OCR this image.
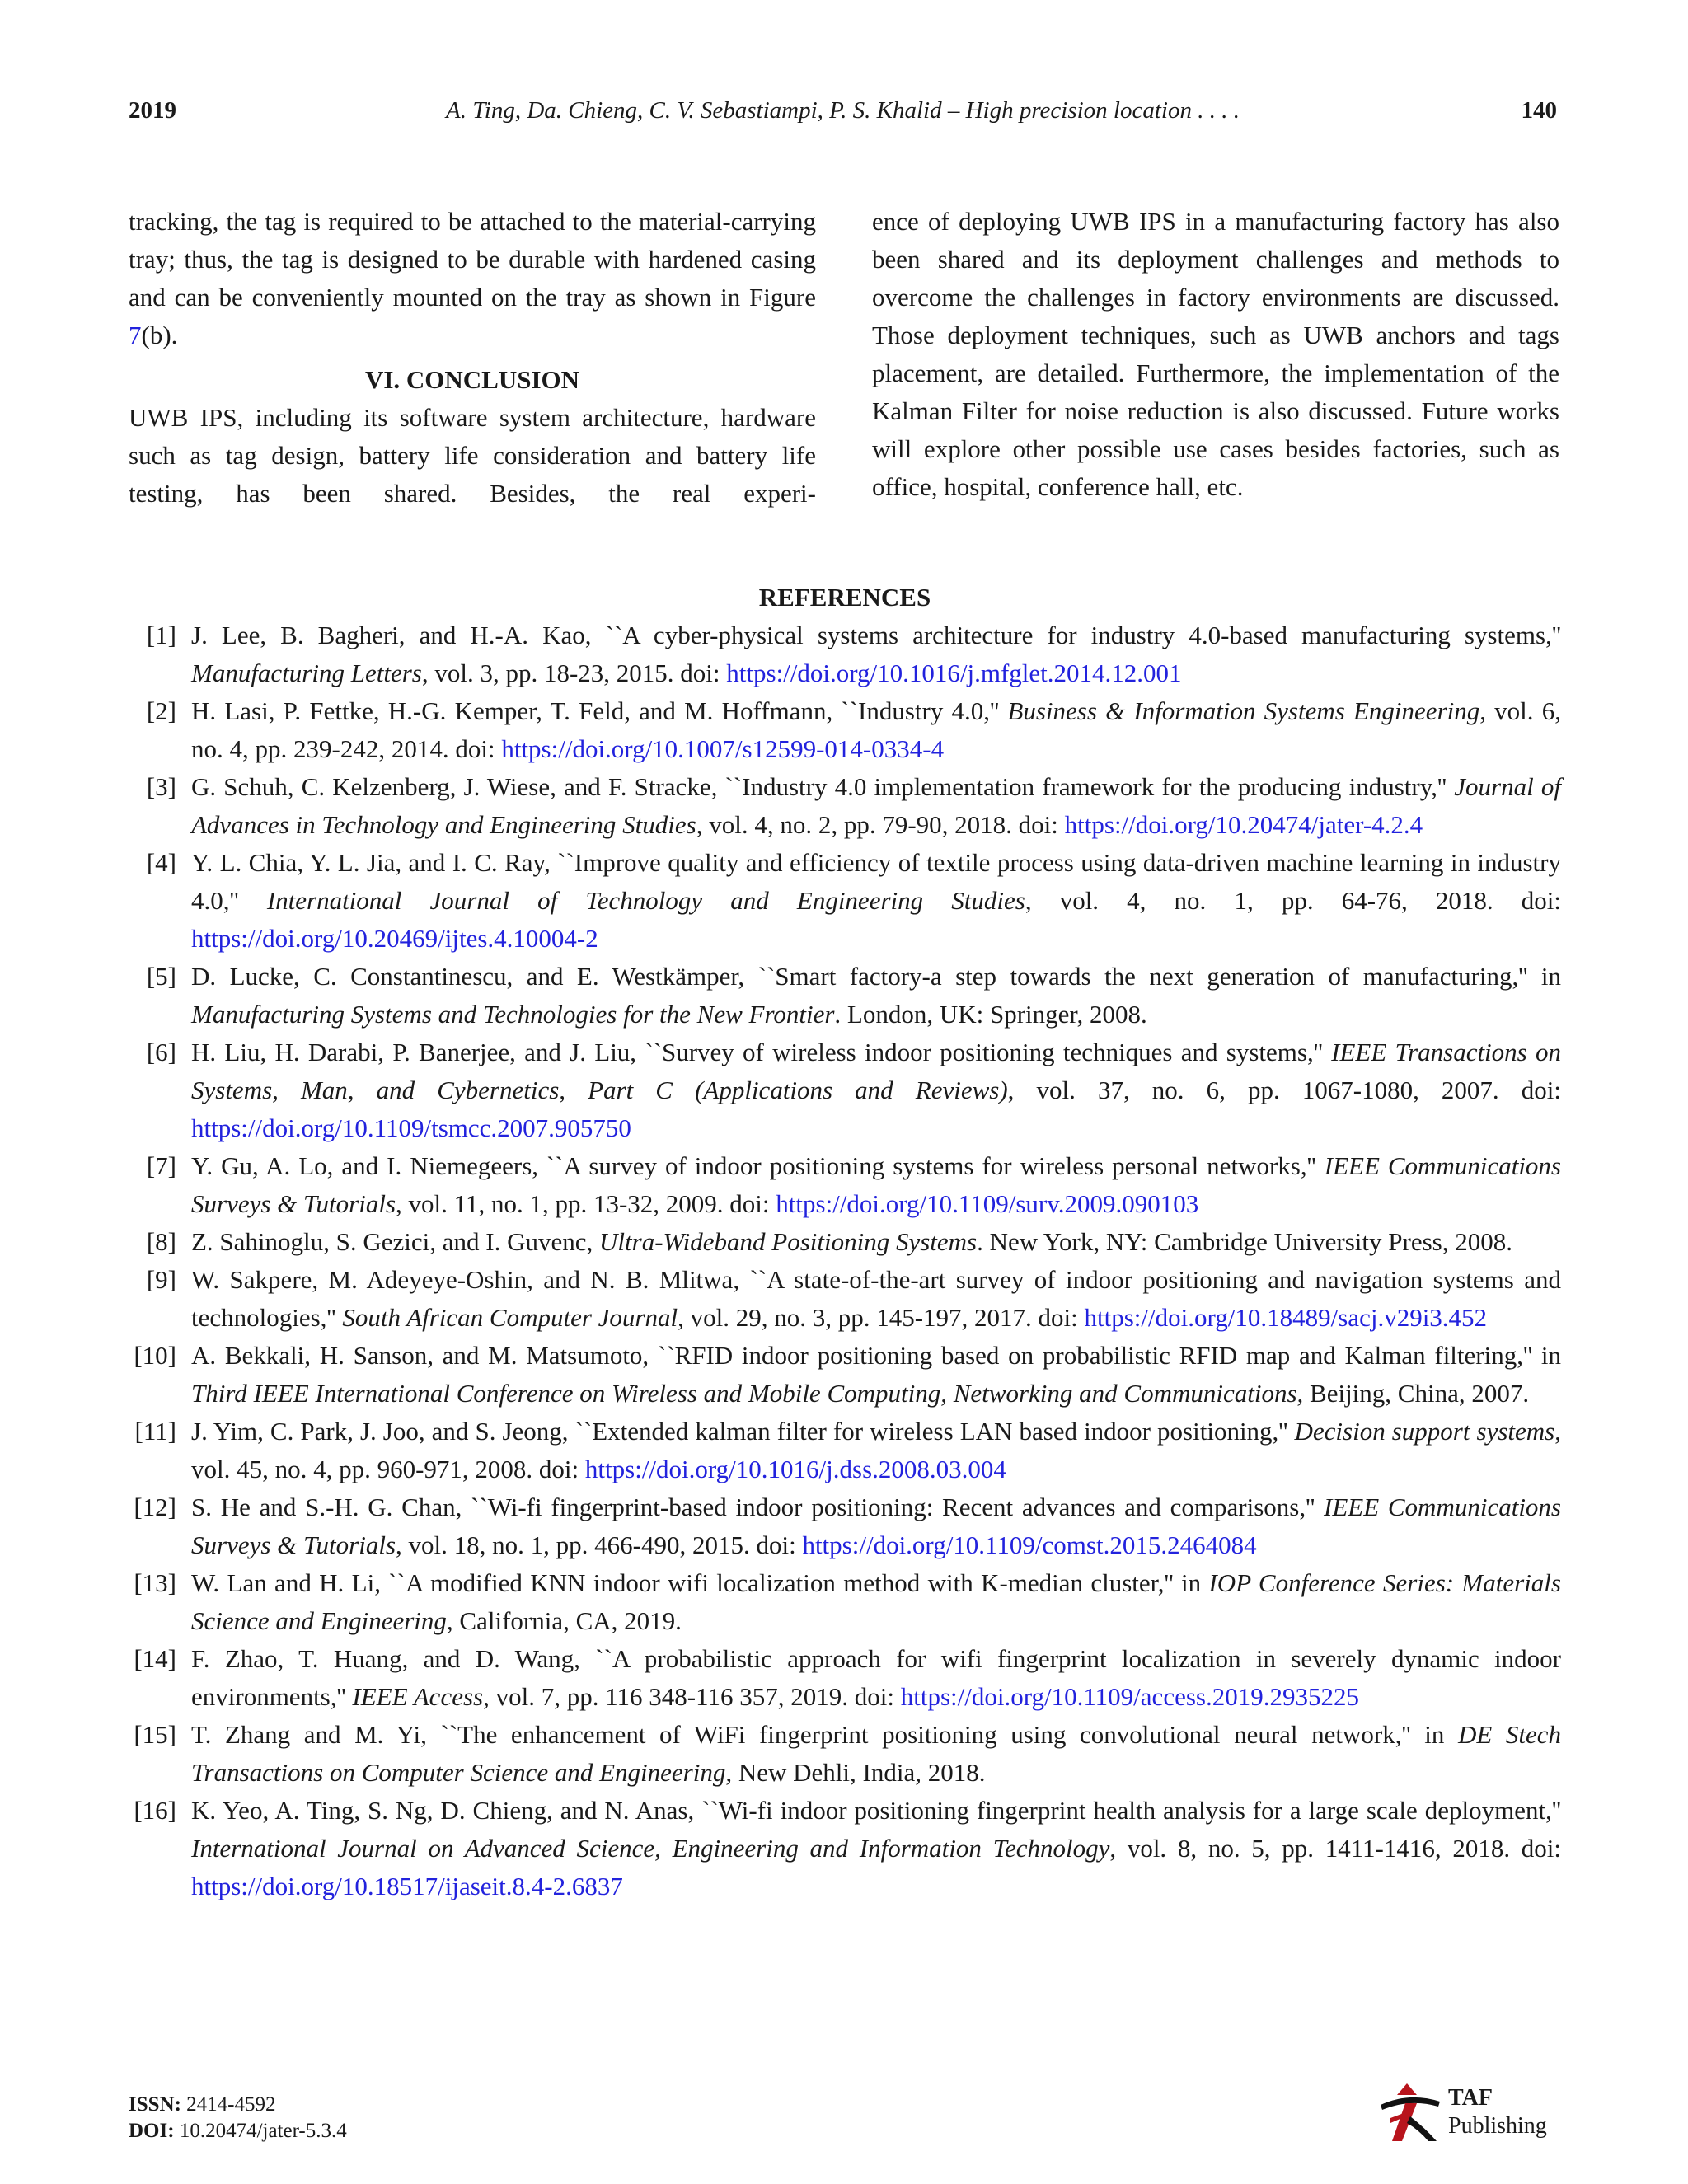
2019	A. Ting, Da. Chieng, C. V. Sebastiampi, P. S. Khalid – High precision location . . . .	140

tracking, the tag is required to be attached to the material-carrying tray; thus, the tag is designed to be durable with hardened casing and can be conveniently mounted on the tray as shown in Figure 7(b).

VI. CONCLUSION

UWB IPS, including its software system architecture, hardware such as tag design, battery life consideration and battery life testing, has been shared. Besides, the real experi-

ence of deploying UWB IPS in a manufacturing factory has also been shared and its deployment challenges and methods to overcome the challenges in factory environments are discussed. Those deployment techniques, such as UWB anchors and tags placement, are detailed. Furthermore, the implementation of the Kalman Filter for noise reduction is also discussed. Future works will explore other possible use cases besides factories, such as office, hospital, conference hall, etc.

REFERENCES
[1] J. Lee, B. Bagheri, and H.-A. Kao, ``A cyber-physical systems architecture for industry 4.0-based manufacturing systems,'' Manufacturing Letters, vol. 3, pp. 18-23, 2015. doi: https://doi.org/10.1016/j.mfglet.2014.12.001
[2] H. Lasi, P. Fettke, H.-G. Kemper, T. Feld, and M. Hoffmann, ``Industry 4.0,'' Business & Information Systems Engineering, vol. 6, no. 4, pp. 239-242, 2014. doi: https://doi.org/10.1007/s12599-014-0334-4
[3] G. Schuh, C. Kelzenberg, J. Wiese, and F. Stracke, ``Industry 4.0 implementation framework for the producing industry,'' Journal of Advances in Technology and Engineering Studies, vol. 4, no. 2, pp. 79-90, 2018. doi: https://doi.org/10.20474/jater-4.2.4
[4] Y. L. Chia, Y. L. Jia, and I. C. Ray, ``Improve quality and efficiency of textile process using data-driven machine learning in industry 4.0,'' International Journal of Technology and Engineering Studies, vol. 4, no. 1, pp. 64-76, 2018. doi: https://doi.org/10.20469/ijtes.4.10004-2
[5] D. Lucke, C. Constantinescu, and E. Westkämper, ``Smart factory-a step towards the next generation of manufacturing,'' in Manufacturing Systems and Technologies for the New Frontier. London, UK: Springer, 2008.
[6] H. Liu, H. Darabi, P. Banerjee, and J. Liu, ``Survey of wireless indoor positioning techniques and systems,'' IEEE Transactions on Systems, Man, and Cybernetics, Part C (Applications and Reviews), vol. 37, no. 6, pp. 1067-1080, 2007. doi: https://doi.org/10.1109/tsmcc.2007.905750
[7] Y. Gu, A. Lo, and I. Niemegeers, ``A survey of indoor positioning systems for wireless personal networks,'' IEEE Communications Surveys & Tutorials, vol. 11, no. 1, pp. 13-32, 2009. doi: https://doi.org/10.1109/surv.2009.090103
[8] Z. Sahinoglu, S. Gezici, and I. Guvenc, Ultra-Wideband Positioning Systems. New York, NY: Cambridge University Press, 2008.
[9] W. Sakpere, M. Adeyeye-Oshin, and N. B. Mlitwa, ``A state-of-the-art survey of indoor positioning and navigation systems and technologies,'' South African Computer Journal, vol. 29, no. 3, pp. 145-197, 2017. doi: https://doi.org/10.18489/sacj.v29i3.452
[10] A. Bekkali, H. Sanson, and M. Matsumoto, ``RFID indoor positioning based on probabilistic RFID map and Kalman filtering,'' in Third IEEE International Conference on Wireless and Mobile Computing, Networking and Communications, Beijing, China, 2007.
[11] J. Yim, C. Park, J. Joo, and S. Jeong, ``Extended kalman filter for wireless LAN based indoor positioning,'' Decision support systems, vol. 45, no. 4, pp. 960-971, 2008. doi: https://doi.org/10.1016/j.dss.2008.03.004
[12] S. He and S.-H. G. Chan, ``Wi-fi fingerprint-based indoor positioning: Recent advances and comparisons,'' IEEE Communications Surveys & Tutorials, vol. 18, no. 1, pp. 466-490, 2015. doi: https://doi.org/10.1109/comst.2015.2464084
[13] W. Lan and H. Li, ``A modified KNN indoor wifi localization method with K-median cluster,'' in IOP Conference Series: Materials Science and Engineering, California, CA, 2019.
[14] F. Zhao, T. Huang, and D. Wang, ``A probabilistic approach for wifi fingerprint localization in severely dynamic indoor environments,'' IEEE Access, vol. 7, pp. 116 348-116 357, 2019. doi: https://doi.org/10.1109/access.2019.2935225
[15] T. Zhang and M. Yi, ``The enhancement of WiFi fingerprint positioning using convolutional neural network,'' in DE Stech Transactions on Computer Science and Engineering, New Dehli, India, 2018.
[16] K. Yeo, A. Ting, S. Ng, D. Chieng, and N. Anas, ``Wi-fi indoor positioning fingerprint health analysis for a large scale deployment,'' International Journal on Advanced Science, Engineering and Information Technology, vol. 8, no. 5, pp. 1411-1416, 2018. doi: https://doi.org/10.18517/ijaseit.8.4-2.6837
ISSN: 2414-4592
DOI: 10.20474/jater-5.3.4
TAF
Publishing
